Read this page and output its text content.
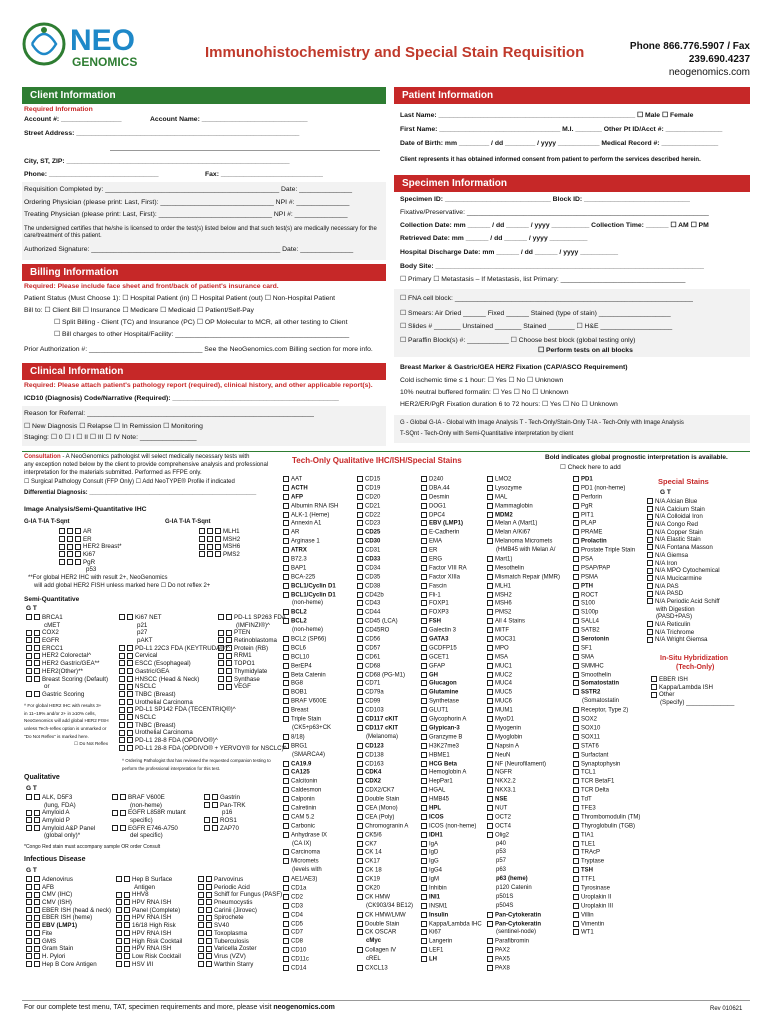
NEO
GENOMICS
Immunohistochemistry and Special Stain Requisition	Phone 866.776.5907 / Fax 239.690.4237
neogenomics.com
Client Information
Required Information
Account #: ________________	Account Name: ____________________________
Street Address: ___________________________________________________________
City, ST, ZIP: ___________________________________________________________
Phone: _____________________________	Fax: ___________________________
Requisition Completed by: ______________________________________________ Date: ______________
Ordering Physician (please print: Last, First): ______________________________ NPI #: ______________
Treating Physician (please print: Last, First): ______________________________ NPI #: ______________
The undersigned certifies that he/she is licensed to order the test(s) listed below and that such test(s) are medically necessary for the care/treatment of this patient.
Authorized Signature: __________________________________________________ Date: ______________
Billing Information
Required: Please include face sheet and front/back of patient's insurance card.
Patient Status (Must Choose 1): ☐ Hospital Patient (in) ☐ Hospital Patient (out) ☐ Non-Hospital Patient
Bill to: ☐ Client Bill ☐ Insurance ☐ Medicare ☐ Medicaid ☐ Patient/Self-Pay
☐ Split Billing - Client (TC) and Insurance (PC) ☐ OP Molecular to MCR, all other testing to Client
☐ Bill charges to other Hospital/Facility: ______________________________________________
Prior Authorization #: ______________________________ See the NeoGenomics.com Billing section for more info.
Clinical Information
Required: Please attach patient's pathology report (required), clinical history, and other applicable report(s).
ICD10 (Diagnosis) Code/Narrative (Required): ____________________________________________
Reason for Referral: ____________________________________________________________
☐ New Diagnosis ☐ Relapse ☐ In Remission ☐ Monitoring
Staging: ☐ 0 ☐ I ☐ II ☐ III ☐ IV Note: _______________
Patient Information
Last Name: ____________________________________________________ ☐ Male ☐ Female
First Name: ________________________________ M.I. _______ Other Pt ID/Acct #: _______________
Date of Birth: mm ________ / dd ________ / yyyy ___________ Medical Record #: _______________
Client represents it has obtained informed consent from patient to perform the services described herein.
Specimen Information
Specimen ID: ____________________________ Block ID: ____________________________
Fixative/Preservative: ________________________________________________________________
Collection Date: mm ______ / dd ______ / yyyy __________ Collection Time: ______ ☐ AM ☐ PM
Retrieved Date: mm ______ / dd ______ / yyyy __________
Hospital Discharge Date: mm ______ / dd ______ / yyyy __________
Body Site: _______________________________________________________________________
☐ Primary ☐ Metastasis – If Metastasis, list Primary: _________________________________
☐ FNA cell block: _______________________________________________________________
☐ Smears: Air Dried ______ Fixed ______ Stained (type of stain) ___________________
☐ Slides # _______ Unstained _______ Stained _______ ☐ H&E ___________________
☐ Paraffin Block(s) #: ___________ ☐ Choose best block (global testing only)
☐ Perform tests on all blocks
Breast Marker & Gastric/GEA HER2 Fixation (CAP/ASCO Requirement)
Cold ischemic time ≤ 1 hour: ☐ Yes ☐ No ☐ Unknown
10% neutral buffered formalin: ☐ Yes ☐ No ☐ Unknown
HER2/ER/PgR Fixation duration 6 to 72 hours: ☐ Yes ☐ No ☐ Unknown
G - Global G-IA - Global with Image Analysis T - Tech-Only/Stain-Only T-IA - Tech-Only with Image Analysis
T-SQnt - Tech-Only with Semi-Quantitative interpretation by client
Consultation - A NeoGenomics pathologist will select medically necessary tests with
any exception noted below by the client to provide comprehensive analysis and professional
interpretation for the materials submitted. Performed as FFPE only.
☐ Surgical Pathology Consult (FFP Only) ☐ Add NeoTYPE® Profile if indicated
Differential Diagnosis: __________________________________________________
Image Analysis/Semi-Quantitative IHC
G-IA T-IA T-Sqnt	G-IA T-IA T-Sqnt
AR
ER
HER2 Breast*
Ki67
PgR
p53
MLH1
MSH2
MSH6
PMS2
**For global HER2 IHC with result 2+, NeoGenomics
will add global HER2 FISH unless marked here ☐ Do not reflex 2+
Semi-Quantitative
G T
BRCA1
cMET
COX2
EGFR
ERCC1
HER2 Colorectal^
HER2 Gastric/GEA**
HER2(Other)**
Breast Scoring (Default)
or
Gastric Scoring
Ki67 NET
p21
p27
pAKT
PD-L1 22C3 FDA (KEYTRUDA®)^
Cervical
ESCC (Esophageal)
Gastric/GEA
HNSCC (Head & Neck)
NSCLC
TNBC (Breast)
Urothelial Carcinoma
PD-L1 SP142 FDA (TECENTRIQ®)^
NSCLC
TNBC (Breast)
Urothelial Carcinoma
PD-L1 28-8 FDA (OPDIVO®)^
PD-L1 28-8 FDA (OPDIVO® + YERVOY® for NSCLC)^
PD-L1 SP263 FDA
(IMFINZI®)^
PTEN
Retinoblastoma
Protein (RB)
RRM1
TOPO1
Thymidylate
Synthase
VEGF
^ For global HER2 IHC with results 3+
in 11–19% and/or 2+ in ≥10% cells,
NeoGenomics will add global HER2 FISH
unless Tech-reflex option is unmarked or
"Do Not Reflex" is marked here.
☐ Do Not Reflex
^ Ordering Pathologist that has reviewed the requested companion testing to
perform the professional interpretation for this test.
Qualitative
G T
ALK, D5F3
(lung, FDA)
Amyloid A
Amyloid P
Amyloid A&P Panel
(global only)*
BRAF V600E
(non-heme)
EGFR L858R mutant
specific)
EGFR E746-A750
del specific)
Gastrin
Pan-TRK
p16
ROS1
ZAP70
*Congo Red stain must accompany sample OR order Consult
Infectious Disease
G T
Adenovirus
AFB
CMV (IHC)
CMV (ISH)
EBER ISH (head & neck)
EBER ISH (heme)
EBV (LMP1)
Fite
GMS
Gram Stain
H. Pylori
Hep B Core Antigen
Hep B Surface
Antigen
HHV8
HPV RNA ISH
Panel (Complete)
HPV RNA ISH
16/18 High Risk
HPV RNA ISH
High Risk Cocktail
HPV RNA ISH
Low Risk Cocktail
HSV I/II
Parvovirus
Periodic Acid
Schiff for Fungus (PASF)
Pneumocystis
Carinii (Jirovec)
Spirochete
SV40
Toxoplasma
Tuberculosis
Varicella Zoster
Virus (VZV)
Warthin Starry
Tech-Only Qualitative IHC/ISH/Special Stains	Bold indicates global prognostic interpretation is available.
☐ Check here to add
AAT
ACTH
AFP
Albumin RNA ISH
ALK-1 (Heme)
Annexin A1
AR
Arginase 1
ATRX
B72.3
BAP1
BCA-225
BCL1/Cyclin D1
BCL1/Cyclin D1
(non-heme)
BCL2
BCL2
(non-heme)
BCL2 (SP66)
BCL6
BCL10
BerEP4
Beta Catenin
BG8
BOB1
BRAF V600E
Breast
Triple Stain
(CK5+p63+CK
8/18)
BRG1
(SMARCA4)
CA19.9
CA125
Calcitonin
Caldesmon
Calponin
Calretinin
CAM 5.2
Carbonic
Anhydrase IX
(CA IX)
Carcinoma
Micromets
(levels with
AE1/AE3)
CD1a
CD2
CD3
CD4
CD5
CD7
CD8
CD10
CD11c
CD14
CD15
CD19
CD20
CD21
CD22
CD23
CD25
CD30
CD31
CD33
CD34
CD35
CD38
CD42b
CD43
CD44
CD45 (LCA)
CD45RO
CD56
CD57
CD61
CD68
CD68 (PG-M1)
CD71
CD79a
CD99
CD103
CD117 cKIT
CD117 cKIT
(Melanoma)
CD123
CD138
CD163
CDK4
CDX2
CDX2/CK7
Double Stain
CEA (Mono)
CEA (Poly)
Chromogranin A
CK5/6
CK7
CK 14
CK17
CK 18
CK19
CK20
CK HMW
(CK903/34 BE12)
CK HMW/LMW
Double Stain
CK OSCAR
cMyc
Collagen IV
cREL
CXCL13
D240
DBA.44
Desmin
DOG1
DPC4
EBV (LMP1)
E-Cadherin
EMA
ER
ERG
Factor VIII RA
Factor XIIIa
Fascin
Fli-1
FOXP1
FOXP3
FSH
Galectin 3
GATA3
GCDFP15
GCET1
GFAP
GH
Glucagon
Glutamine
Synthetase
GLUT1
Glycophorin A
Glypican-3
Granzyme B
H3K27me3
HBME1
HCG Beta
Hemoglobin A
HepPar1
HGAL
HMB45
HPL
ICOS
ICOS (non-heme)
IDH1
IgA
IgD
IgG
IgG4
IgM
Inhibin
INI1
INSM1
Insulin
Kappa/Lambda IHC
Ki67
Langerin
LEF1
LH
LMO2
Lysozyme
MAL
Mammaglobin
MDM2
Melan A (Mart1)
Melan A/Ki67
Melanoma Micromets
(HMB45 with Melan A/
Mart1)
Mesothelin
Mismatch Repair (MMR)
MLH1
MSH2
MSH6
PMS2
All 4 Stains
MITF
MOC31
MPO
MSA
MUC1
MUC2
MUC4
MUC5
MUC6
MUM1
MyoD1
Myogenin
Myoglobin
Napsin A
NeuN
NF (Neurofilament)
NGFR
NKX2.2
NKX3.1
NSE
NUT
OCT2
OCT4
Olig2
p40
p53
p57
p63
p63 (heme)
p120 Catenin
p501S
p504S
Pan-Cytokeratin
Pan-Cytokeratin
(sentinel-node)
Parafibromin
PAX2
PAX5
PAX8
PD1
PD1 (non-heme)
Perforin
PgR
PIT1
PLAP
PRAME
Prolactin
Prostate Triple Stain
PSA
PSAP/PAP
PSMA
PTH
ROCT
S100
S100p
SALL4
SATB2
Serotonin
SF1
SMA
SMMHC
Smoothelin
Somatostatin
SSTR2
(Somatostatin
Receptor, Type 2)
SOX2
SOX10
SOX11
STAT6
Surfactant
Synaptophysin
TCL1
TCR BetaF1
TCR Delta
TdT
TFE3
Thrombomodulin (TM)
Thyroglobulin (TGB)
TIA1
TLE1
TRAcP
Tryptase
TSH
TTF1
Tyrosinase
Uroplakin II
Uroplakin III
Villin
Vimentin
WT1
Special Stains
G T
N/A Alcian Blue
N/A Calcium Stain
N/A Colloidal Iron
N/A Congo Red
N/A Copper Stain
N/A Elastic Stain
N/A Fontana Masson
N/A Giemsa
N/A Iron
N/A MPO Cytochemical
N/A Mucicarmine
N/A PAS
N/A PASD
N/A Periodic Acid Schiff
with Digestion
(PASD+PAS)
N/A Reticulin
N/A Trichrome
N/A Wright Giemsa
In-Situ Hybridization
(Tech-Only)
EBER ISH
Kappa/Lambda ISH
Other
(Specify) ______________
For our complete test menu, TAT, specimen requirements and more, please visit neogenomics.com	Rev 010621
